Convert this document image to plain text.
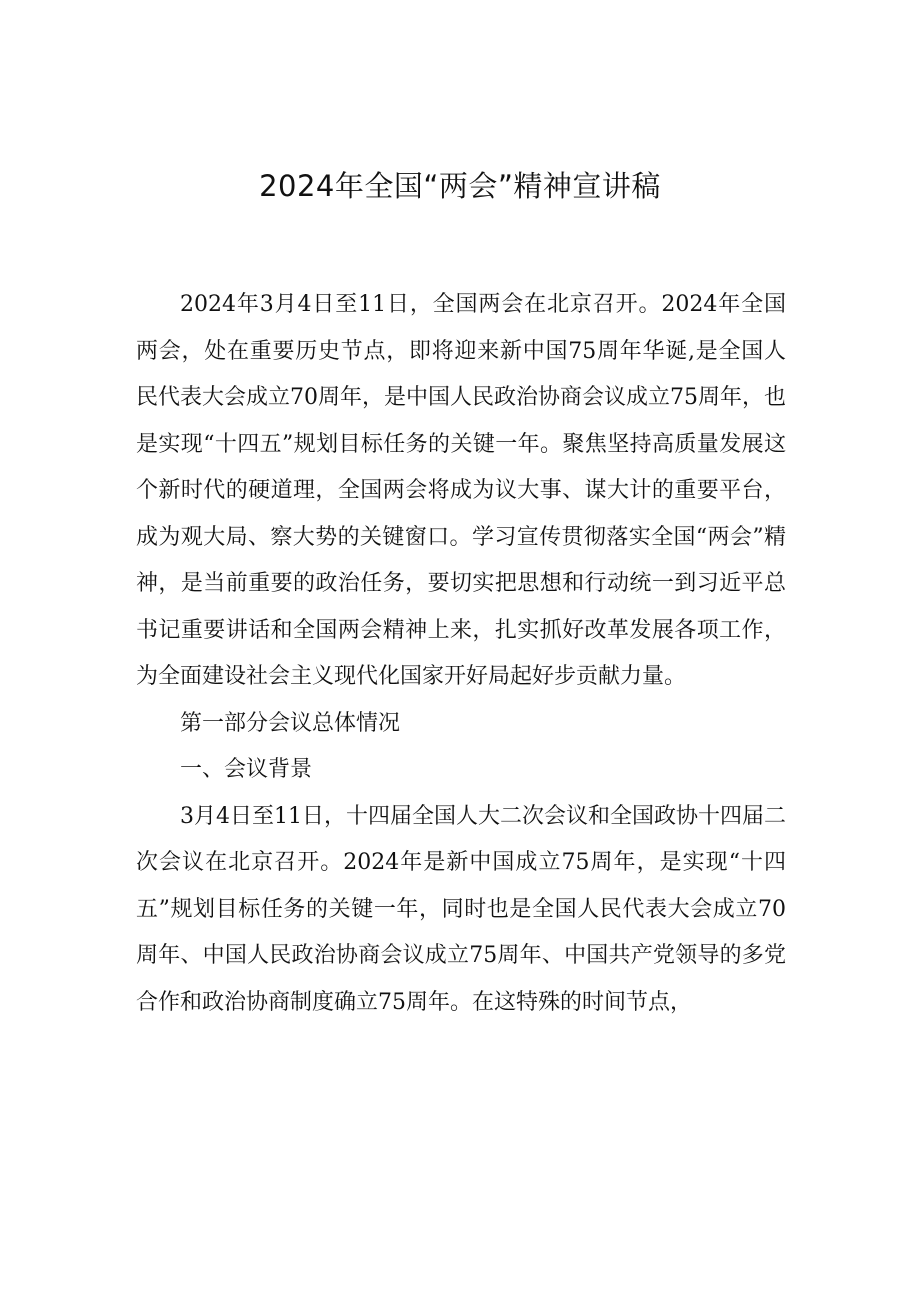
2024年全国“两会”精神宣讲稿

2024年3月4日至11日，全国两会在北京召开。2024年全国两会，处在重要历史节点，即将迎来新中国75周年华诞,是全国人民代表大会成立70周年，是中国人民政治协商会议成立75周年，也是实现“十四五”规划目标任务的关键一年。聚焦坚持高质量发展这个新时代的硬道理，全国两会将成为议大事、谋大计的重要平台，成为观大局、察大势的关键窗口。学习宣传贯彻落实全国“两会”精神，是当前重要的政治任务，要切实把思想和行动统一到习近平总书记重要讲话和全国两会精神上来，扎实抓好改革发展各项工作，为全面建设社会主义现代化国家开好局起好步贡献力量。

第一部分会议总体情况

一、会议背景

3月4日至11日，十四届全国人大二次会议和全国政协十四届二次会议在北京召开。2024年是新中国成立75周年，是实现“十四五”规划目标任务的关键一年，同时也是全国人民代表大会成立70周年、中国人民政治协商会议成立75周年、中国共产党领导的多党合作和政治协商制度确立75周年。在这特殊的时间节点，
